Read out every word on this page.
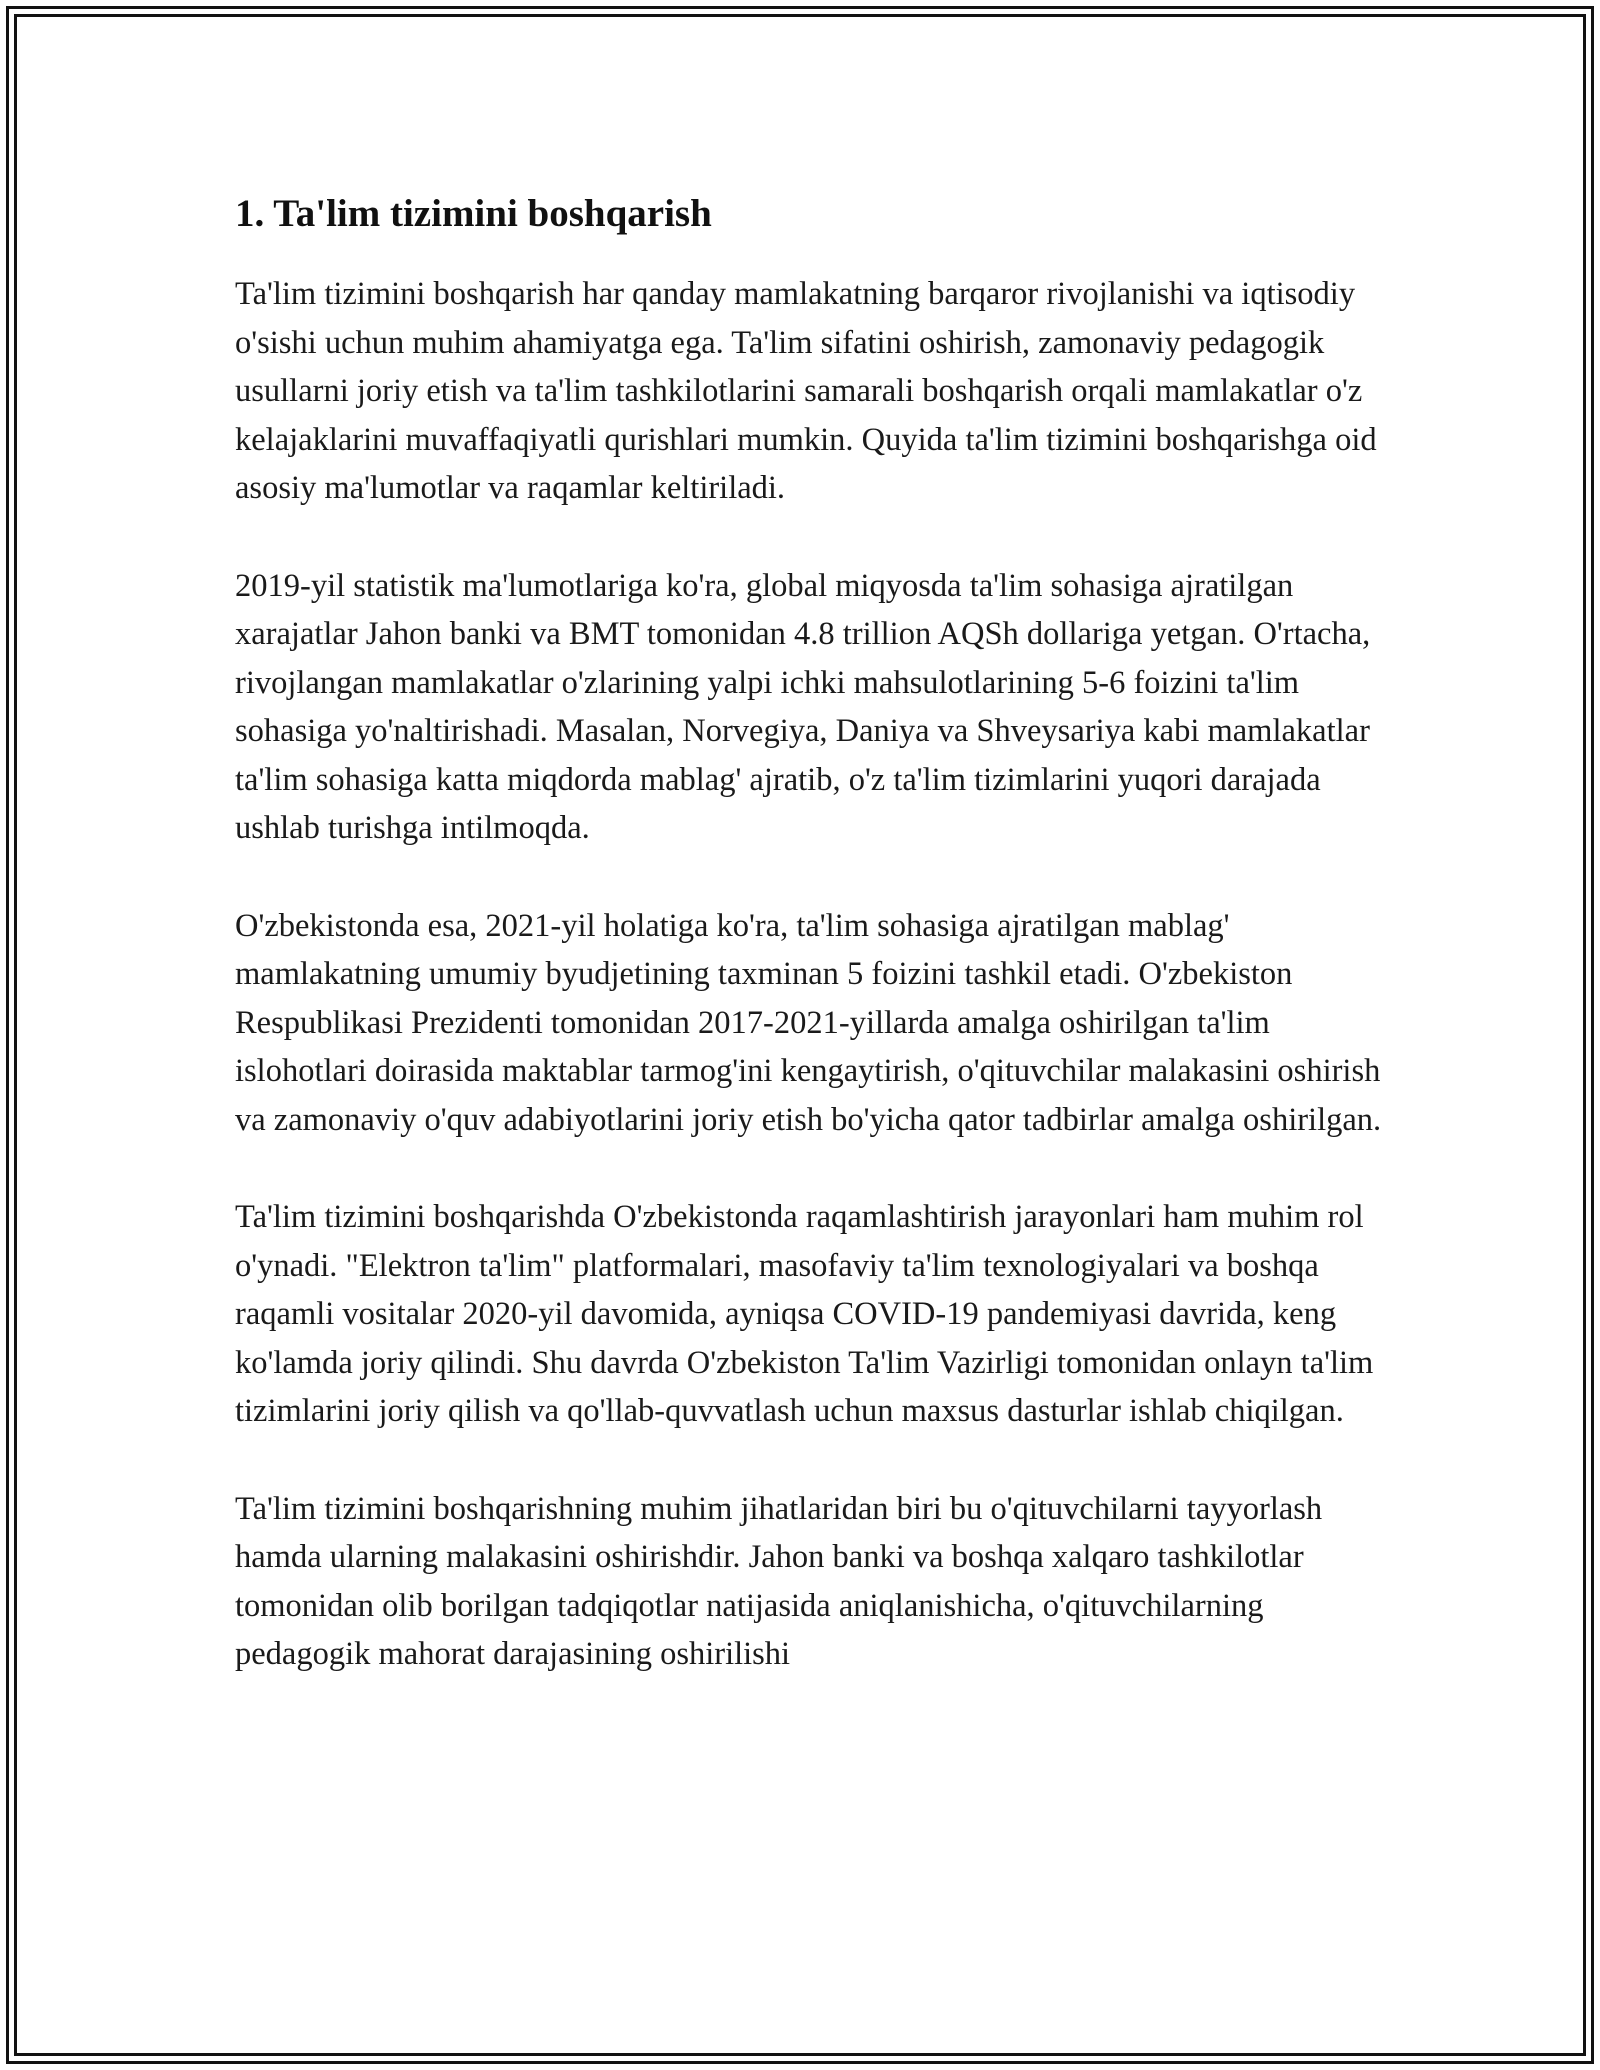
1. Ta'lim tizimini boshqarish

Ta'lim tizimini boshqarish har qanday mamlakatning barqaror rivojlanishi va iqtisodiy o'sishi uchun muhim ahamiyatga ega. Ta'lim sifatini oshirish, zamonaviy pedagogik usullarni joriy etish va ta'lim tashkilotlarini samarali boshqarish orqali mamlakatlar o'z kelajaklarini muvaffaqiyatli qurishlari mumkin. Quyida ta'lim tizimini boshqarishga oid asosiy ma'lumotlar va raqamlar keltiriladi.

2019-yil statistik ma'lumotlariga ko'ra, global miqyosda ta'lim sohasiga ajratilgan xarajatlar Jahon banki va BMT tomonidan 4.8 trillion AQSh dollariga yetgan. O'rtacha, rivojlangan mamlakatlar o'zlarining yalpi ichki mahsulotlarining 5-6 foizini ta'lim sohasiga yo'naltirishadi. Masalan, Norvegiya, Daniya va Shveysariya kabi mamlakatlar ta'lim sohasiga katta miqdorda mablag' ajratib, o'z ta'lim tizimlarini yuqori darajada ushlab turishga intilmoqda.

O'zbekistonda esa, 2021-yil holatiga ko'ra, ta'lim sohasiga ajratilgan mablag' mamlakatning umumiy byudjetining taxminan 5 foizini tashkil etadi. O'zbekiston Respublikasi Prezidenti tomonidan 2017-2021-yillarda amalga oshirilgan ta'lim islohotlari doirasida maktablar tarmog'ini kengaytirish, o'qituvchilar malakasini oshirish va zamonaviy o'quv adabiyotlarini joriy etish bo'yicha qator tadbirlar amalga oshirilgan.

Ta'lim tizimini boshqarishda O'zbekistonda raqamlashtirish jarayonlari ham muhim rol o'ynadi. "Elektron ta'lim" platformalari, masofaviy ta'lim texnologiyalari va boshqa raqamli vositalar 2020-yil davomida, ayniqsa COVID-19 pandemiyasi davrida, keng ko'lamda joriy qilindi. Shu davrda O'zbekiston Ta'lim Vazirligi tomonidan onlayn ta'lim tizimlarini joriy qilish va qo'llab-quvvatlash uchun maxsus dasturlar ishlab chiqilgan.

Ta'lim tizimini boshqarishning muhim jihatlaridan biri bu o'qituvchilarni tayyorlash hamda ularning malakasini oshirishdir. Jahon banki va boshqa xalqaro tashkilotlar tomonidan olib borilgan tadqiqotlar natijasida aniqlanishicha, o'qituvchilarning pedagogik mahorat darajasining oshirilishi
